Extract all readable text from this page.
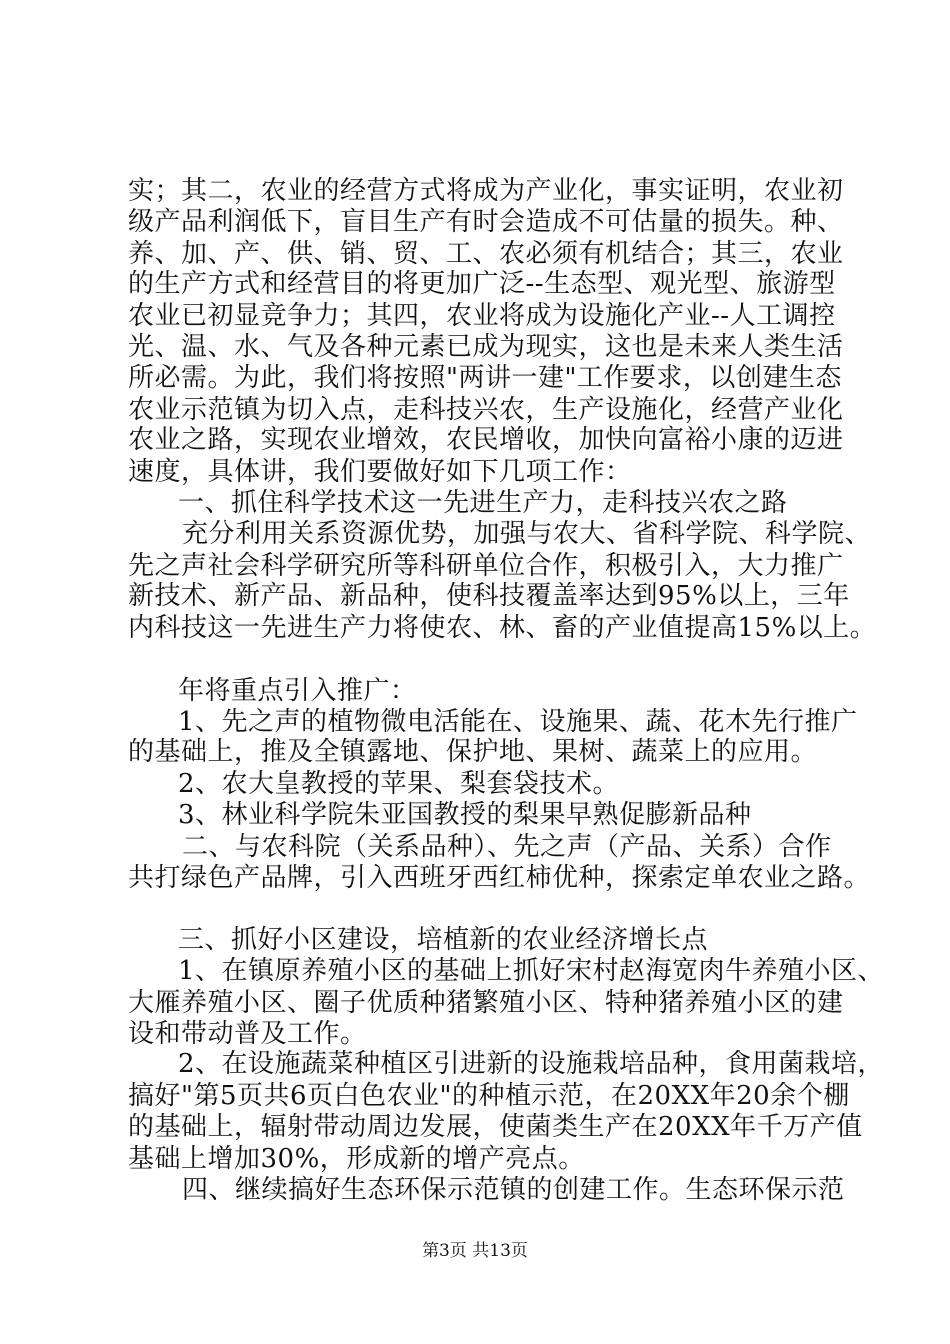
实；其二，农业的经营方式将成为产业化，事实证明，农业初
级产品利润低下，盲目生产有时会造成不可估量的损失。种、
养、加、产、供、销、贸、工、农必须有机结合；其三，农业
的生产方式和经营目的将更加广泛--生态型、观光型、旅游型
农业已初显竞争力；其四，农业将成为设施化产业--人工调控
光、温、水、气及各种元素已成为现实，这也是未来人类生活
所必需。为此，我们将按照"两讲一建"工作要求，以创建生态
农业示范镇为切入点，走科技兴农，生产设施化，经营产业化
农业之路，实现农业增效，农民增收，加快向富裕小康的迈进
速度，具体讲，我们要做好如下几项工作：
一、抓住科学技术这一先进生产力，走科技兴农之路
充分利用关系资源优势，加强与农大、省科学院、科学院、
先之声社会科学研究所等科研单位合作，积极引入，大力推广
新技术、新产品、新品种，使科技覆盖率达到95%以上，三年
内科技这一先进生产力将使农、林、畜的产业值提高15%以上。
年将重点引入推广：
1、先之声的植物微电活能在、设施果、蔬、花木先行推广
的基础上，推及全镇露地、保护地、果树、蔬菜上的应用。
2、农大皇教授的苹果、梨套袋技术。
3、林业科学院朱亚国教授的梨果早熟促膨新品种
二、与农科院（关系品种）、先之声（产品、关系）合作
共打绿色产品牌，引入西班牙西红柿优种，探索定单农业之路。
三、抓好小区建设，培植新的农业经济增长点
1、在镇原养殖小区的基础上抓好宋村赵海宽肉牛养殖小区、
大雁养殖小区、圈子优质种猪繁殖小区、特种猪养殖小区的建
设和带动普及工作。
2、在设施蔬菜种植区引进新的设施栽培品种，食用菌栽培，
搞好"第5页共6页白色农业"的种植示范，在20XX年20余个棚
的基础上，辐射带动周边发展，使菌类生产在20XX年千万产值
基础上增加30%，形成新的增产亮点。
四、继续搞好生态环保示范镇的创建工作。生态环保示范
第3页 共13页
